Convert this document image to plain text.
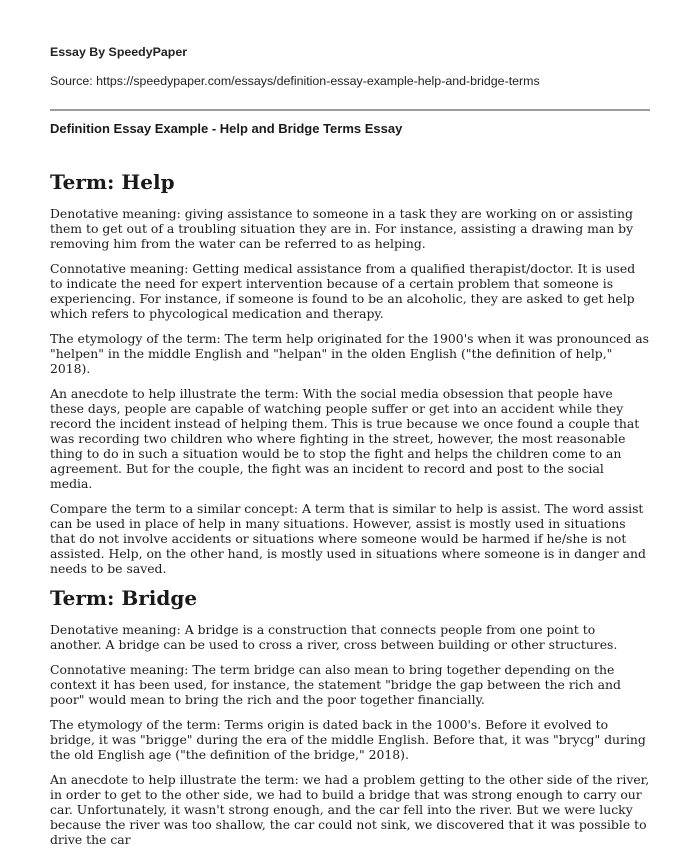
Essay By SpeedyPaper

Source: https://speedypaper.com/essays/definition-essay-example-help-and-bridge-terms

Definition Essay Example - Help and Bridge Terms Essay

Term: Help

Denotative meaning: giving assistance to someone in a task they are working on or assisting them to get out of a troubling situation they are in. For instance, assisting a drawing man by removing him from the water can be referred to as helping.

Connotative meaning: Getting medical assistance from a qualified therapist/doctor. It is used to indicate the need for expert intervention because of a certain problem that someone is experiencing. For instance, if someone is found to be an alcoholic, they are asked to get help which refers to phycological medication and therapy.

The etymology of the term: The term help originated for the 1900's when it was pronounced as "helpen" in the middle English and "helpan" in the olden English ("the definition of help," 2018).

An anecdote to help illustrate the term: With the social media obsession that people have these days, people are capable of watching people suffer or get into an accident while they record the incident instead of helping them. This is true because we once found a couple that was recording two children who where fighting in the street, however, the most reasonable thing to do in such a situation would be to stop the fight and helps the children come to an agreement. But for the couple, the fight was an incident to record and post to the social media.

Compare the term to a similar concept: A term that is similar to help is assist. The word assist can be used in place of help in many situations. However, assist is mostly used in situations that do not involve accidents or situations where someone would be harmed if he/she is not assisted. Help, on the other hand, is mostly used in situations where someone is in danger and needs to be saved.

Term: Bridge

Denotative meaning: A bridge is a construction that connects people from one point to another. A bridge can be used to cross a river, cross between building or other structures.

Connotative meaning: The term bridge can also mean to bring together depending on the context it has been used, for instance, the statement "bridge the gap between the rich and poor" would mean to bring the rich and the poor together financially.

The etymology of the term: Terms origin is dated back in the 1000's. Before it evolved to bridge, it was "brigge" during the era of the middle English. Before that, it was "brycg" during the old English age ("the definition of the bridge," 2018).

An anecdote to help illustrate the term: we had a problem getting to the other side of the river, in order to get to the other side, we had to build a bridge that was strong enough to carry our car. Unfortunately, it wasn't strong enough, and the car fell into the river. But we were lucky because the river was too shallow, the car could not sink, we discovered that it was possible to drive the car
